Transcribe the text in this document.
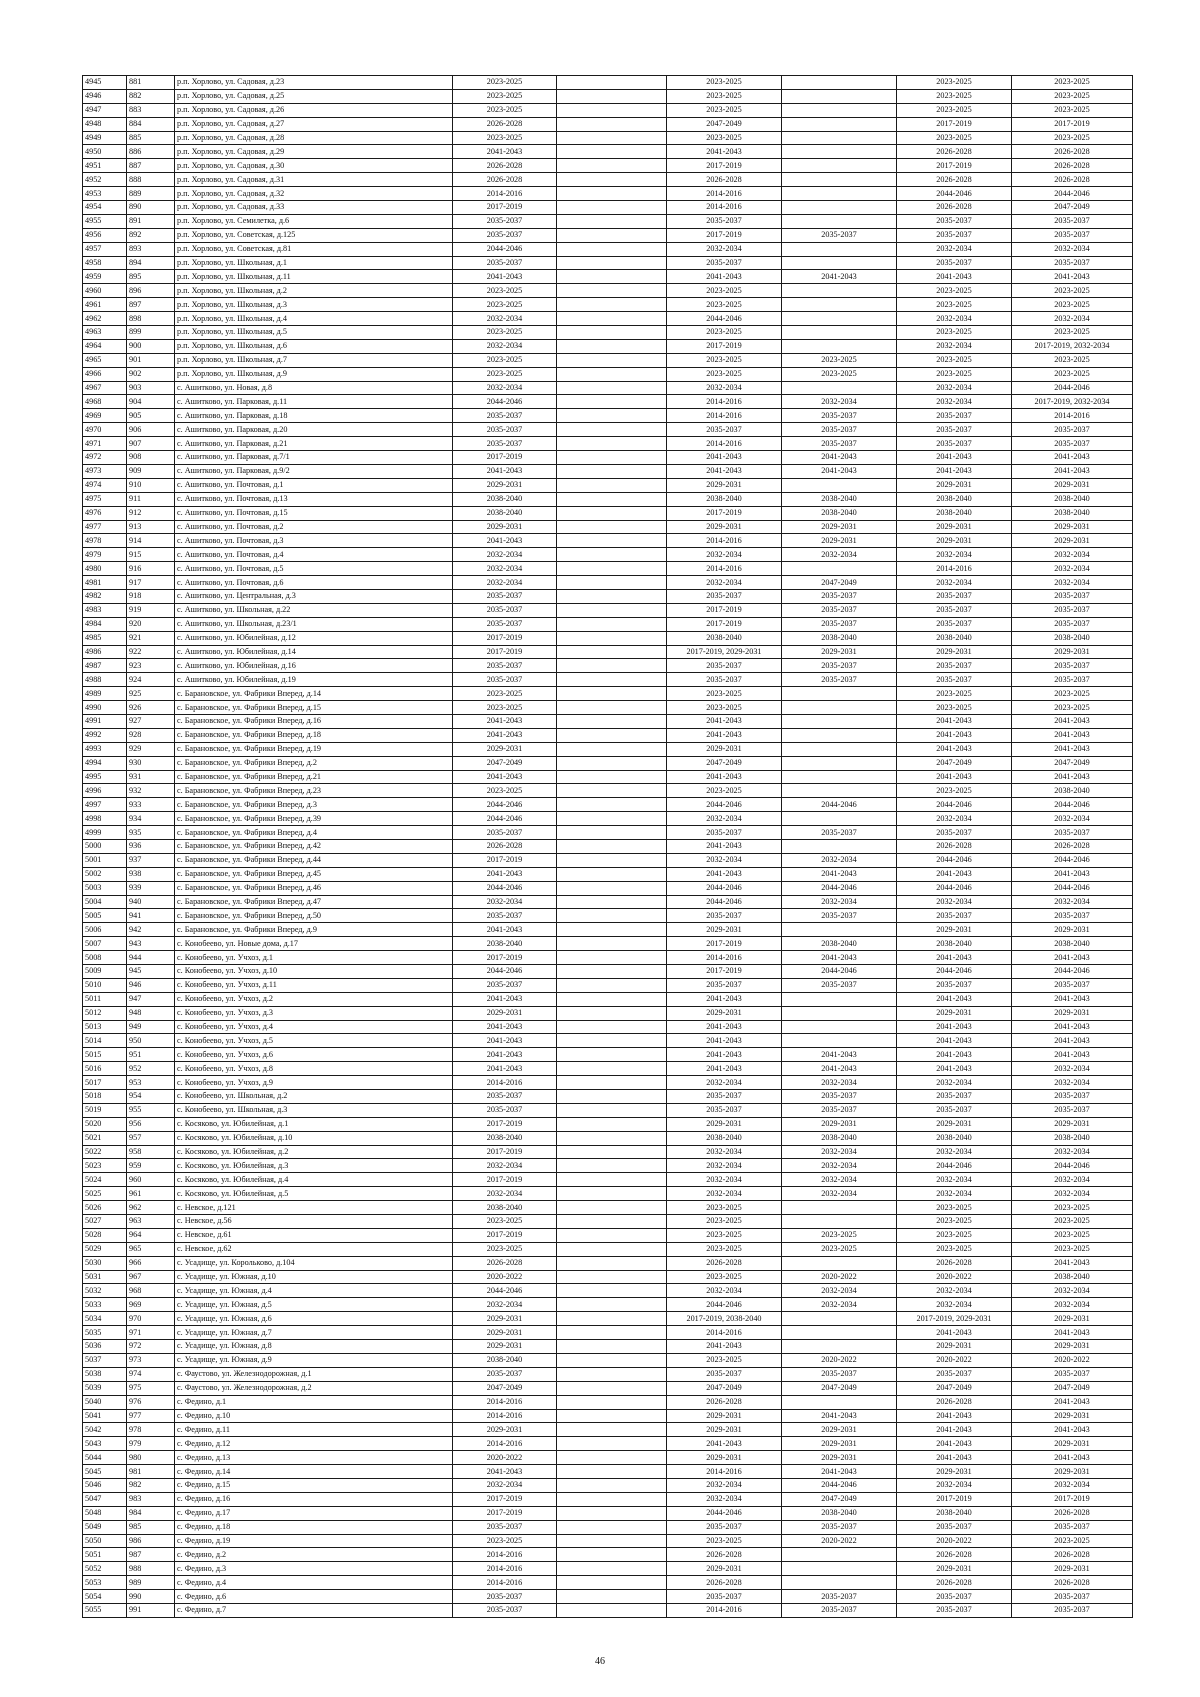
4945	881	р.п. Хорлово, ул. Садовая, д.23	2023-2025		2023-2025		2023-2025	2023-2025
4946	882	р.п. Хорлово, ул. Садовая, д.25	2023-2025		2023-2025		2023-2025	2023-2025
4947	883	р.п. Хорлово, ул. Садовая, д.26	2023-2025		2023-2025		2023-2025	2023-2025
4948	884	р.п. Хорлово, ул. Садовая, д.27	2026-2028		2047-2049		2017-2019	2017-2019
4949	885	р.п. Хорлово, ул. Садовая, д.28	2023-2025		2023-2025		2023-2025	2023-2025
4950	886	р.п. Хорлово, ул. Садовая, д.29	2041-2043		2041-2043		2026-2028	2026-2028
4951	887	р.п. Хорлово, ул. Садовая, д.30	2026-2028		2017-2019		2017-2019	2026-2028
4952	888	р.п. Хорлово, ул. Садовая, д.31	2026-2028		2026-2028		2026-2028	2026-2028
4953	889	р.п. Хорлово, ул. Садовая, д.32	2014-2016		2014-2016		2044-2046	2044-2046
4954	890	р.п. Хорлово, ул. Садовая, д.33	2017-2019		2014-2016		2026-2028	2047-2049
4955	891	р.п. Хорлово, ул. Семилетка, д.6	2035-2037		2035-2037		2035-2037	2035-2037
4956	892	р.п. Хорлово, ул. Советская, д.125	2035-2037		2017-2019	2035-2037	2035-2037	2035-2037
4957	893	р.п. Хорлово, ул. Советская, д.81	2044-2046		2032-2034		2032-2034	2032-2034
4958	894	р.п. Хорлово, ул. Школьная, д.1	2035-2037		2035-2037		2035-2037	2035-2037
4959	895	р.п. Хорлово, ул. Школьная, д.11	2041-2043		2041-2043	2041-2043	2041-2043	2041-2043
4960	896	р.п. Хорлово, ул. Школьная, д.2	2023-2025		2023-2025		2023-2025	2023-2025
4961	897	р.п. Хорлово, ул. Школьная, д.3	2023-2025		2023-2025		2023-2025	2023-2025
4962	898	р.п. Хорлово, ул. Школьная, д.4	2032-2034		2044-2046		2032-2034	2032-2034
4963	899	р.п. Хорлово, ул. Школьная, д.5	2023-2025		2023-2025		2023-2025	2023-2025
4964	900	р.п. Хорлово, ул. Школьная, д.6	2032-2034		2017-2019		2032-2034	2017-2019, 2032-2034
4965	901	р.п. Хорлово, ул. Школьная, д.7	2023-2025		2023-2025	2023-2025	2023-2025	2023-2025
4966	902	р.п. Хорлово, ул. Школьная, д.9	2023-2025		2023-2025	2023-2025	2023-2025	2023-2025
4967	903	с. Ашитково, ул. Новая, д.8	2032-2034		2032-2034		2032-2034	2044-2046
4968	904	с. Ашитково, ул. Парковая, д.11	2044-2046		2014-2016	2032-2034	2032-2034	2017-2019, 2032-2034
4969	905	с. Ашитково, ул. Парковая, д.18	2035-2037		2014-2016	2035-2037	2035-2037	2014-2016
4970	906	с. Ашитково, ул. Парковая, д.20	2035-2037		2035-2037	2035-2037	2035-2037	2035-2037
4971	907	с. Ашитково, ул. Парковая, д.21	2035-2037		2014-2016	2035-2037	2035-2037	2035-2037
4972	908	с. Ашитково, ул. Парковая, д.7/1	2017-2019		2041-2043	2041-2043	2041-2043	2041-2043
4973	909	с. Ашитково, ул. Парковая, д.9/2	2041-2043		2041-2043	2041-2043	2041-2043	2041-2043
4974	910	с. Ашитково, ул. Почтовая, д.1	2029-2031		2029-2031		2029-2031	2029-2031
4975	911	с. Ашитково, ул. Почтовая, д.13	2038-2040		2038-2040	2038-2040	2038-2040	2038-2040
4976	912	с. Ашитково, ул. Почтовая, д.15	2038-2040		2017-2019	2038-2040	2038-2040	2038-2040
4977	913	с. Ашитково, ул. Почтовая, д.2	2029-2031		2029-2031	2029-2031	2029-2031	2029-2031
4978	914	с. Ашитково, ул. Почтовая, д.3	2041-2043		2014-2016	2029-2031	2029-2031	2029-2031
4979	915	с. Ашитково, ул. Почтовая, д.4	2032-2034		2032-2034	2032-2034	2032-2034	2032-2034
4980	916	с. Ашитково, ул. Почтовая, д.5	2032-2034		2014-2016		2014-2016	2032-2034
4981	917	с. Ашитково, ул. Почтовая, д.6	2032-2034		2032-2034	2047-2049	2032-2034	2032-2034
4982	918	с. Ашитково, ул. Центральная, д.3	2035-2037		2035-2037	2035-2037	2035-2037	2035-2037
4983	919	с. Ашитково, ул. Школьная, д.22	2035-2037		2017-2019	2035-2037	2035-2037	2035-2037
4984	920	с. Ашитково, ул. Школьная, д.23/1	2035-2037		2017-2019	2035-2037	2035-2037	2035-2037
4985	921	с. Ашитково, ул. Юбилейная, д.12	2017-2019		2038-2040	2038-2040	2038-2040	2038-2040
4986	922	с. Ашитково, ул. Юбилейная, д.14	2017-2019		2017-2019, 2029-2031	2029-2031	2029-2031	2029-2031
4987	923	с. Ашитково, ул. Юбилейная, д.16	2035-2037		2035-2037	2035-2037	2035-2037	2035-2037
4988	924	с. Ашитково, ул. Юбилейная, д.19	2035-2037		2035-2037	2035-2037	2035-2037	2035-2037
4989	925	с. Барановское, ул. Фабрики Вперед, д.14	2023-2025		2023-2025		2023-2025	2023-2025
4990	926	с. Барановское, ул. Фабрики Вперед, д.15	2023-2025		2023-2025		2023-2025	2023-2025
4991	927	с. Барановское, ул. Фабрики Вперед, д.16	2041-2043		2041-2043		2041-2043	2041-2043
4992	928	с. Барановское, ул. Фабрики Вперед, д.18	2041-2043		2041-2043		2041-2043	2041-2043
4993	929	с. Барановское, ул. Фабрики Вперед, д.19	2029-2031		2029-2031		2041-2043	2041-2043
4994	930	с. Барановское, ул. Фабрики Вперед, д.2	2047-2049		2047-2049		2047-2049	2047-2049
4995	931	с. Барановское, ул. Фабрики Вперед, д.21	2041-2043		2041-2043		2041-2043	2041-2043
4996	932	с. Барановское, ул. Фабрики Вперед, д.23	2023-2025		2023-2025		2023-2025	2038-2040
4997	933	с. Барановское, ул. Фабрики Вперед, д.3	2044-2046		2044-2046	2044-2046	2044-2046	2044-2046
4998	934	с. Барановское, ул. Фабрики Вперед, д.39	2044-2046		2032-2034		2032-2034	2032-2034
4999	935	с. Барановское, ул. Фабрики Вперед, д.4	2035-2037		2035-2037	2035-2037	2035-2037	2035-2037
5000	936	с. Барановское, ул. Фабрики Вперед, д.42	2026-2028		2041-2043		2026-2028	2026-2028
5001	937	с. Барановское, ул. Фабрики Вперед, д.44	2017-2019		2032-2034	2032-2034	2044-2046	2044-2046
5002	938	с. Барановское, ул. Фабрики Вперед, д.45	2041-2043		2041-2043	2041-2043	2041-2043	2041-2043
5003	939	с. Барановское, ул. Фабрики Вперед, д.46	2044-2046		2044-2046	2044-2046	2044-2046	2044-2046
5004	940	с. Барановское, ул. Фабрики Вперед, д.47	2032-2034		2044-2046	2032-2034	2032-2034	2032-2034
5005	941	с. Барановское, ул. Фабрики Вперед, д.50	2035-2037		2035-2037	2035-2037	2035-2037	2035-2037
5006	942	с. Барановское, ул. Фабрики Вперед, д.9	2041-2043		2029-2031		2029-2031	2029-2031
5007	943	с. Конобеево, ул. Новые дома, д.17	2038-2040		2017-2019	2038-2040	2038-2040	2038-2040
5008	944	с. Конобеево, ул. Учхоз, д.1	2017-2019		2014-2016	2041-2043	2041-2043	2041-2043
5009	945	с. Конобеево, ул. Учхоз, д.10	2044-2046		2017-2019	2044-2046	2044-2046	2044-2046
5010	946	с. Конобеево, ул. Учхоз, д.11	2035-2037		2035-2037	2035-2037	2035-2037	2035-2037
5011	947	с. Конобеево, ул. Учхоз, д.2	2041-2043		2041-2043		2041-2043	2041-2043
5012	948	с. Конобеево, ул. Учхоз, д.3	2029-2031		2029-2031		2029-2031	2029-2031
5013	949	с. Конобеево, ул. Учхоз, д.4	2041-2043		2041-2043		2041-2043	2041-2043
5014	950	с. Конобеево, ул. Учхоз, д.5	2041-2043		2041-2043		2041-2043	2041-2043
5015	951	с. Конобеево, ул. Учхоз, д.6	2041-2043		2041-2043	2041-2043	2041-2043	2041-2043
5016	952	с. Конобеево, ул. Учхоз, д.8	2041-2043		2041-2043	2041-2043	2041-2043	2032-2034
5017	953	с. Конобеево, ул. Учхоз, д.9	2014-2016		2032-2034	2032-2034	2032-2034	2032-2034
5018	954	с. Конобеево, ул. Школьная, д.2	2035-2037		2035-2037	2035-2037	2035-2037	2035-2037
5019	955	с. Конобеево, ул. Школьная, д.3	2035-2037		2035-2037	2035-2037	2035-2037	2035-2037
5020	956	с. Косяково, ул. Юбилейная, д.1	2017-2019		2029-2031	2029-2031	2029-2031	2029-2031
5021	957	с. Косяково, ул. Юбилейная, д.10	2038-2040		2038-2040	2038-2040	2038-2040	2038-2040
5022	958	с. Косяково, ул. Юбилейная, д.2	2017-2019		2032-2034	2032-2034	2032-2034	2032-2034
5023	959	с. Косяково, ул. Юбилейная, д.3	2032-2034		2032-2034	2032-2034	2044-2046	2044-2046
5024	960	с. Косяково, ул. Юбилейная, д.4	2017-2019		2032-2034	2032-2034	2032-2034	2032-2034
5025	961	с. Косяково, ул. Юбилейная, д.5	2032-2034		2032-2034	2032-2034	2032-2034	2032-2034
5026	962	с. Невское, д.121	2038-2040		2023-2025		2023-2025	2023-2025
5027	963	с. Невское, д.56	2023-2025		2023-2025		2023-2025	2023-2025
5028	964	с. Невское, д.61	2017-2019		2023-2025	2023-2025	2023-2025	2023-2025
5029	965	с. Невское, д.62	2023-2025		2023-2025	2023-2025	2023-2025	2023-2025
5030	966	с. Усадище, ул. Корольково, д.104	2026-2028		2026-2028		2026-2028	2041-2043
5031	967	с. Усадище, ул. Южная, д.10	2020-2022		2023-2025	2020-2022	2020-2022	2038-2040
5032	968	с. Усадище, ул. Южная, д.4	2044-2046		2032-2034	2032-2034	2032-2034	2032-2034
5033	969	с. Усадище, ул. Южная, д.5	2032-2034		2044-2046	2032-2034	2032-2034	2032-2034
5034	970	с. Усадище, ул. Южная, д.6	2029-2031		2017-2019, 2038-2040		2017-2019, 2029-2031	2029-2031
5035	971	с. Усадище, ул. Южная, д.7	2029-2031		2014-2016		2041-2043	2041-2043
5036	972	с. Усадище, ул. Южная, д.8	2029-2031		2041-2043		2029-2031	2029-2031
5037	973	с. Усадище, ул. Южная, д.9	2038-2040		2023-2025	2020-2022	2020-2022	2020-2022
5038	974	с. Фаустово, ул. Железнодорожная, д.1	2035-2037		2035-2037	2035-2037	2035-2037	2035-2037
5039	975	с. Фаустово, ул. Железнодорожная, д.2	2047-2049		2047-2049	2047-2049	2047-2049	2047-2049
5040	976	с. Федино, д.1	2014-2016		2026-2028		2026-2028	2041-2043
5041	977	с. Федино, д.10	2014-2016		2029-2031	2041-2043	2041-2043	2029-2031
5042	978	с. Федино, д.11	2029-2031		2029-2031	2029-2031	2041-2043	2041-2043
5043	979	с. Федино, д.12	2014-2016		2041-2043	2029-2031	2041-2043	2029-2031
5044	980	с. Федино, д.13	2020-2022		2029-2031	2029-2031	2041-2043	2041-2043
5045	981	с. Федино, д.14	2041-2043		2014-2016	2041-2043	2029-2031	2029-2031
5046	982	с. Федино, д.15	2032-2034		2032-2034	2044-2046	2032-2034	2032-2034
5047	983	с. Федино, д.16	2017-2019		2032-2034	2047-2049	2017-2019	2017-2019
5048	984	с. Федино, д.17	2017-2019		2044-2046	2038-2040	2038-2040	2026-2028
5049	985	с. Федино, д.18	2035-2037		2035-2037	2035-2037	2035-2037	2035-2037
5050	986	с. Федино, д.19	2023-2025		2023-2025	2020-2022	2020-2022	2023-2025
5051	987	с. Федино, д.2	2014-2016		2026-2028		2026-2028	2026-2028
5052	988	с. Федино, д.3	2014-2016		2029-2031		2029-2031	2029-2031
5053	989	с. Федино, д.4	2014-2016		2026-2028		2026-2028	2026-2028
5054	990	с. Федино, д.6	2035-2037		2035-2037	2035-2037	2035-2037	2035-2037
5055	991	с. Федино, д.7	2035-2037		2014-2016	2035-2037	2035-2037	2035-2037
46
